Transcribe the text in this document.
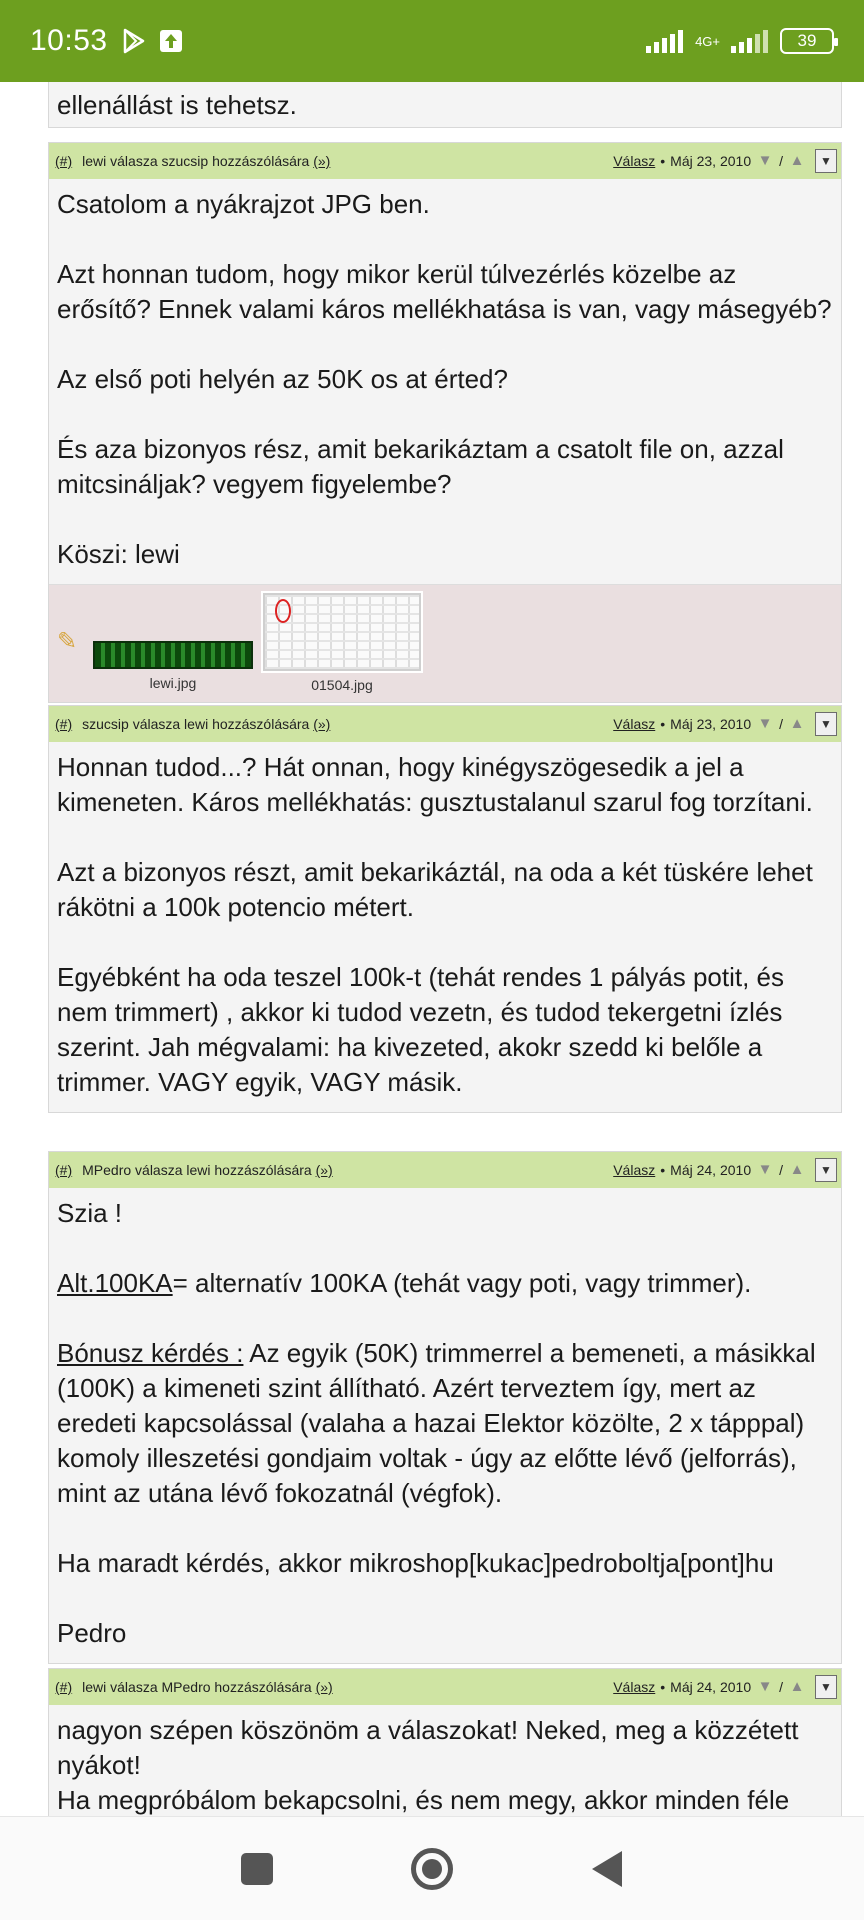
10:53	4G+	39

ellenállást is tehetsz.

(#) lewi válasza szucsip hozzászólására (»)	Válasz • Máj 23, 2010 ▼ / ▲	▼

Csatolom a nyákrajzot JPG ben.

Azt honnan tudom, hogy mikor kerül túlvezérlés közelbe az erősítő? Ennek valami káros mellékhatása is van, vagy másegyéb?

Az első poti helyén az 50K os at érted?

És aza bizonyos rész, amit bekarikáztam a csatolt file on, azzal mitcsináljak? vegyem figyelembe?

Köszi: lewi

✎
lewi.jpg	01504.jpg
(#) szucsip válasza lewi hozzászólására (»)	Válasz • Máj 23, 2010 ▼ / ▲	▼

Honnan tudod...? Hát onnan, hogy kinégyszögesedik a jel a kimeneten. Káros mellékhatás: gusztustalanul szarul fog torzítani.

Azt a bizonyos részt, amit bekarikáztál, na oda a két tüskére lehet rákötni a 100k potencio métert.

Egyébként ha oda teszel 100k-t (tehát rendes 1 pályás potit, és nem trimmert) , akkor ki tudod vezetn, és tudod tekergetni ízlés szerint. Jah mégvalami: ha kivezeted, akokr szedd ki belőle a trimmer. VAGY egyik, VAGY másik.

(#) MPedro válasza lewi hozzászólására (»)	Válasz • Máj 24, 2010 ▼ / ▲	▼

Szia !

Alt.100KA= alternatív 100KA (tehát vagy poti, vagy trimmer).

Bónusz kérdés : Az egyik (50K) trimmerrel a bemeneti, a másikkal (100K) a kimeneti szint állítható. Azért terveztem így, mert az eredeti kapcsolással (valaha a hazai Elektor közölte, 2 x tápppal) komoly illeszetési gondjaim voltak - úgy az előtte lévő (jelforrás), mint az utána lévő fokozatnál (végfok).

Ha maradt kérdés, akkor mikroshop[kukac]pedroboltja[pont]hu

Pedro

(#) lewi válasza MPedro hozzászólására (»)	Válasz • Máj 24, 2010 ▼ / ▲	▼

nagyon szépen köszönöm a válaszokat! Neked, meg a közzétett nyákot!

Ha megpróbálom bekapcsolni, és nem megy, akkor minden féle
